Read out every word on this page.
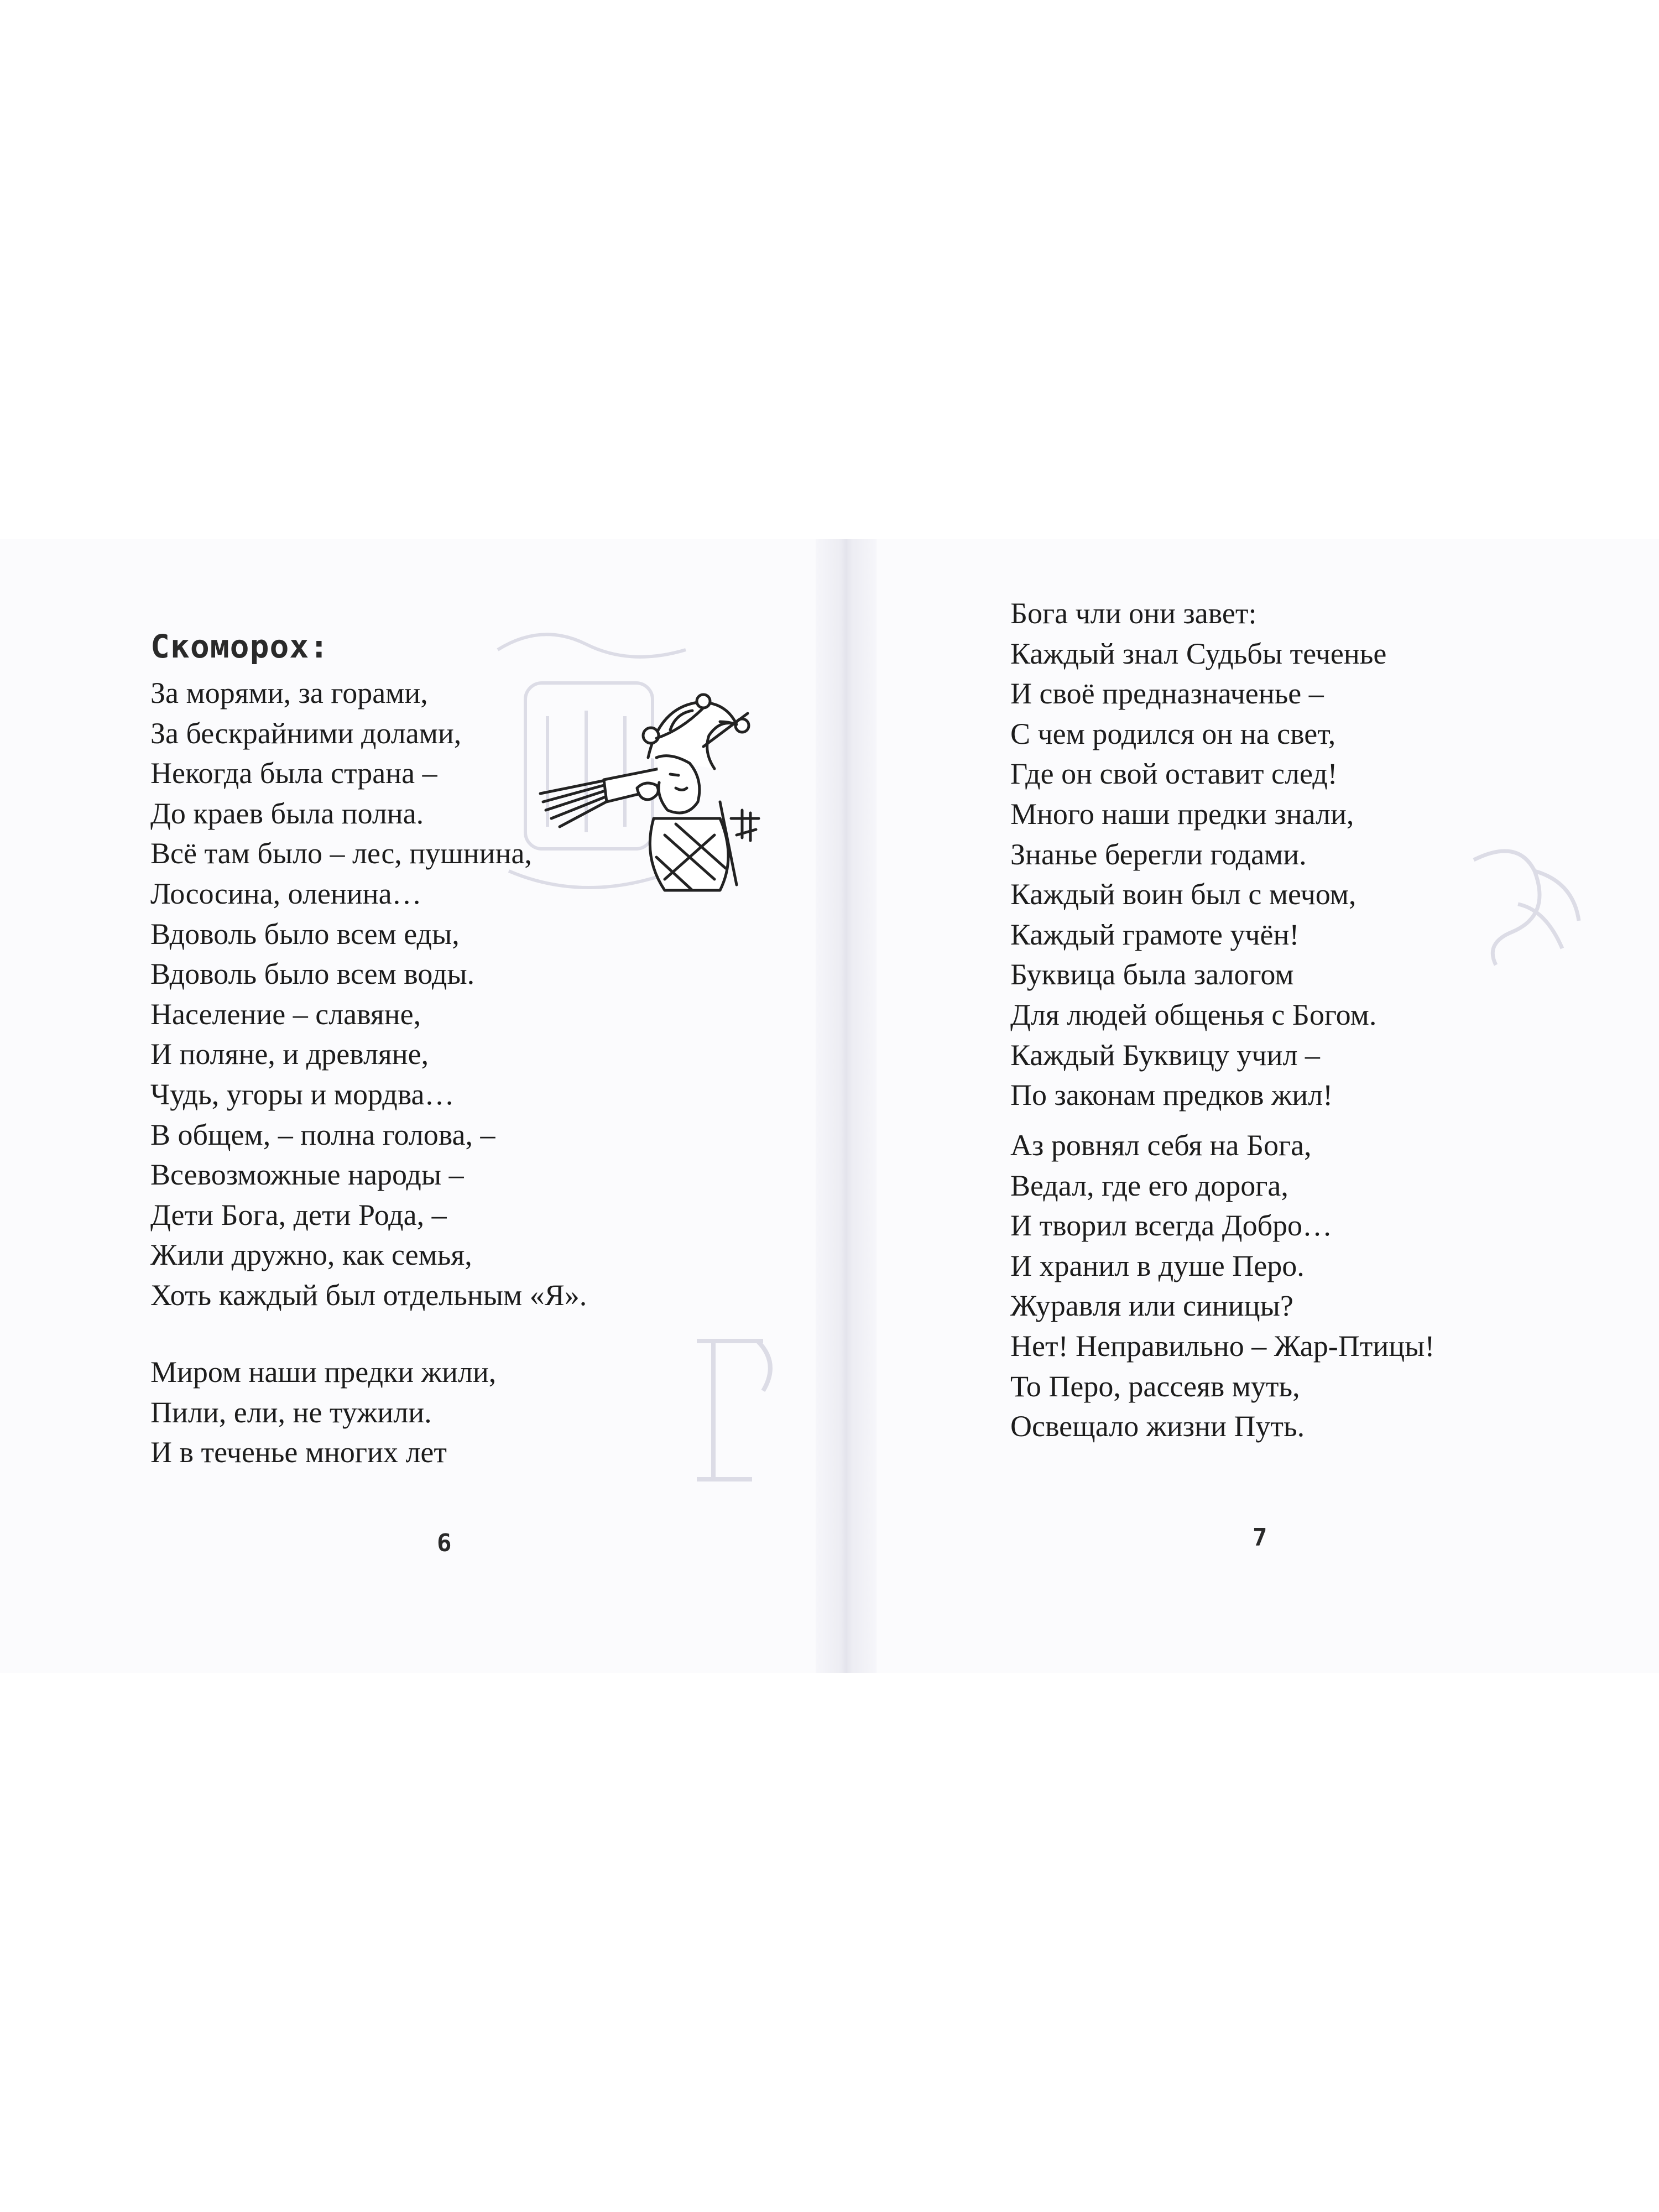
Скоморох:
За морями, за горами,
За бескрайними долами,
Некогда была страна –
До краев была полна.
Всё там было – лес, пушнина,
Лососина, оленина…
Вдоволь было всем еды,
Вдоволь было всем воды.
Население – славяне,
И поляне, и древляне,
Чудь, угоры и мордва…
В общем, – полна голова, –
Всевозможные народы –
Дети Бога, дети Рода, –
Жили дружно, как семья,
Хоть каждый был отдельным «Я».
Миром наши предки жили,
Пили, ели, не тужили.
И в теченье многих лет
6
Бога чли они завет:
Каждый знал Судьбы теченье
И своё предназначенье –
С чем родился он на свет,
Где он свой оставит след!
Много наши предки знали,
Знанье берегли годами.
Каждый воин был с мечом,
Каждый грамоте учён!
Буквица была залогом
Для людей общенья с Богом.
Каждый Буквицу учил –
По законам предков жил!
Аз ровнял себя на Бога,
Ведал, где его дорога,
И творил всегда Добро…
И хранил в душе Перо.
Журавля или синицы?
Нет! Неправильно – Жар-Птицы!
То Перо, рассеяв муть,
Освещало жизни Путь.
7
